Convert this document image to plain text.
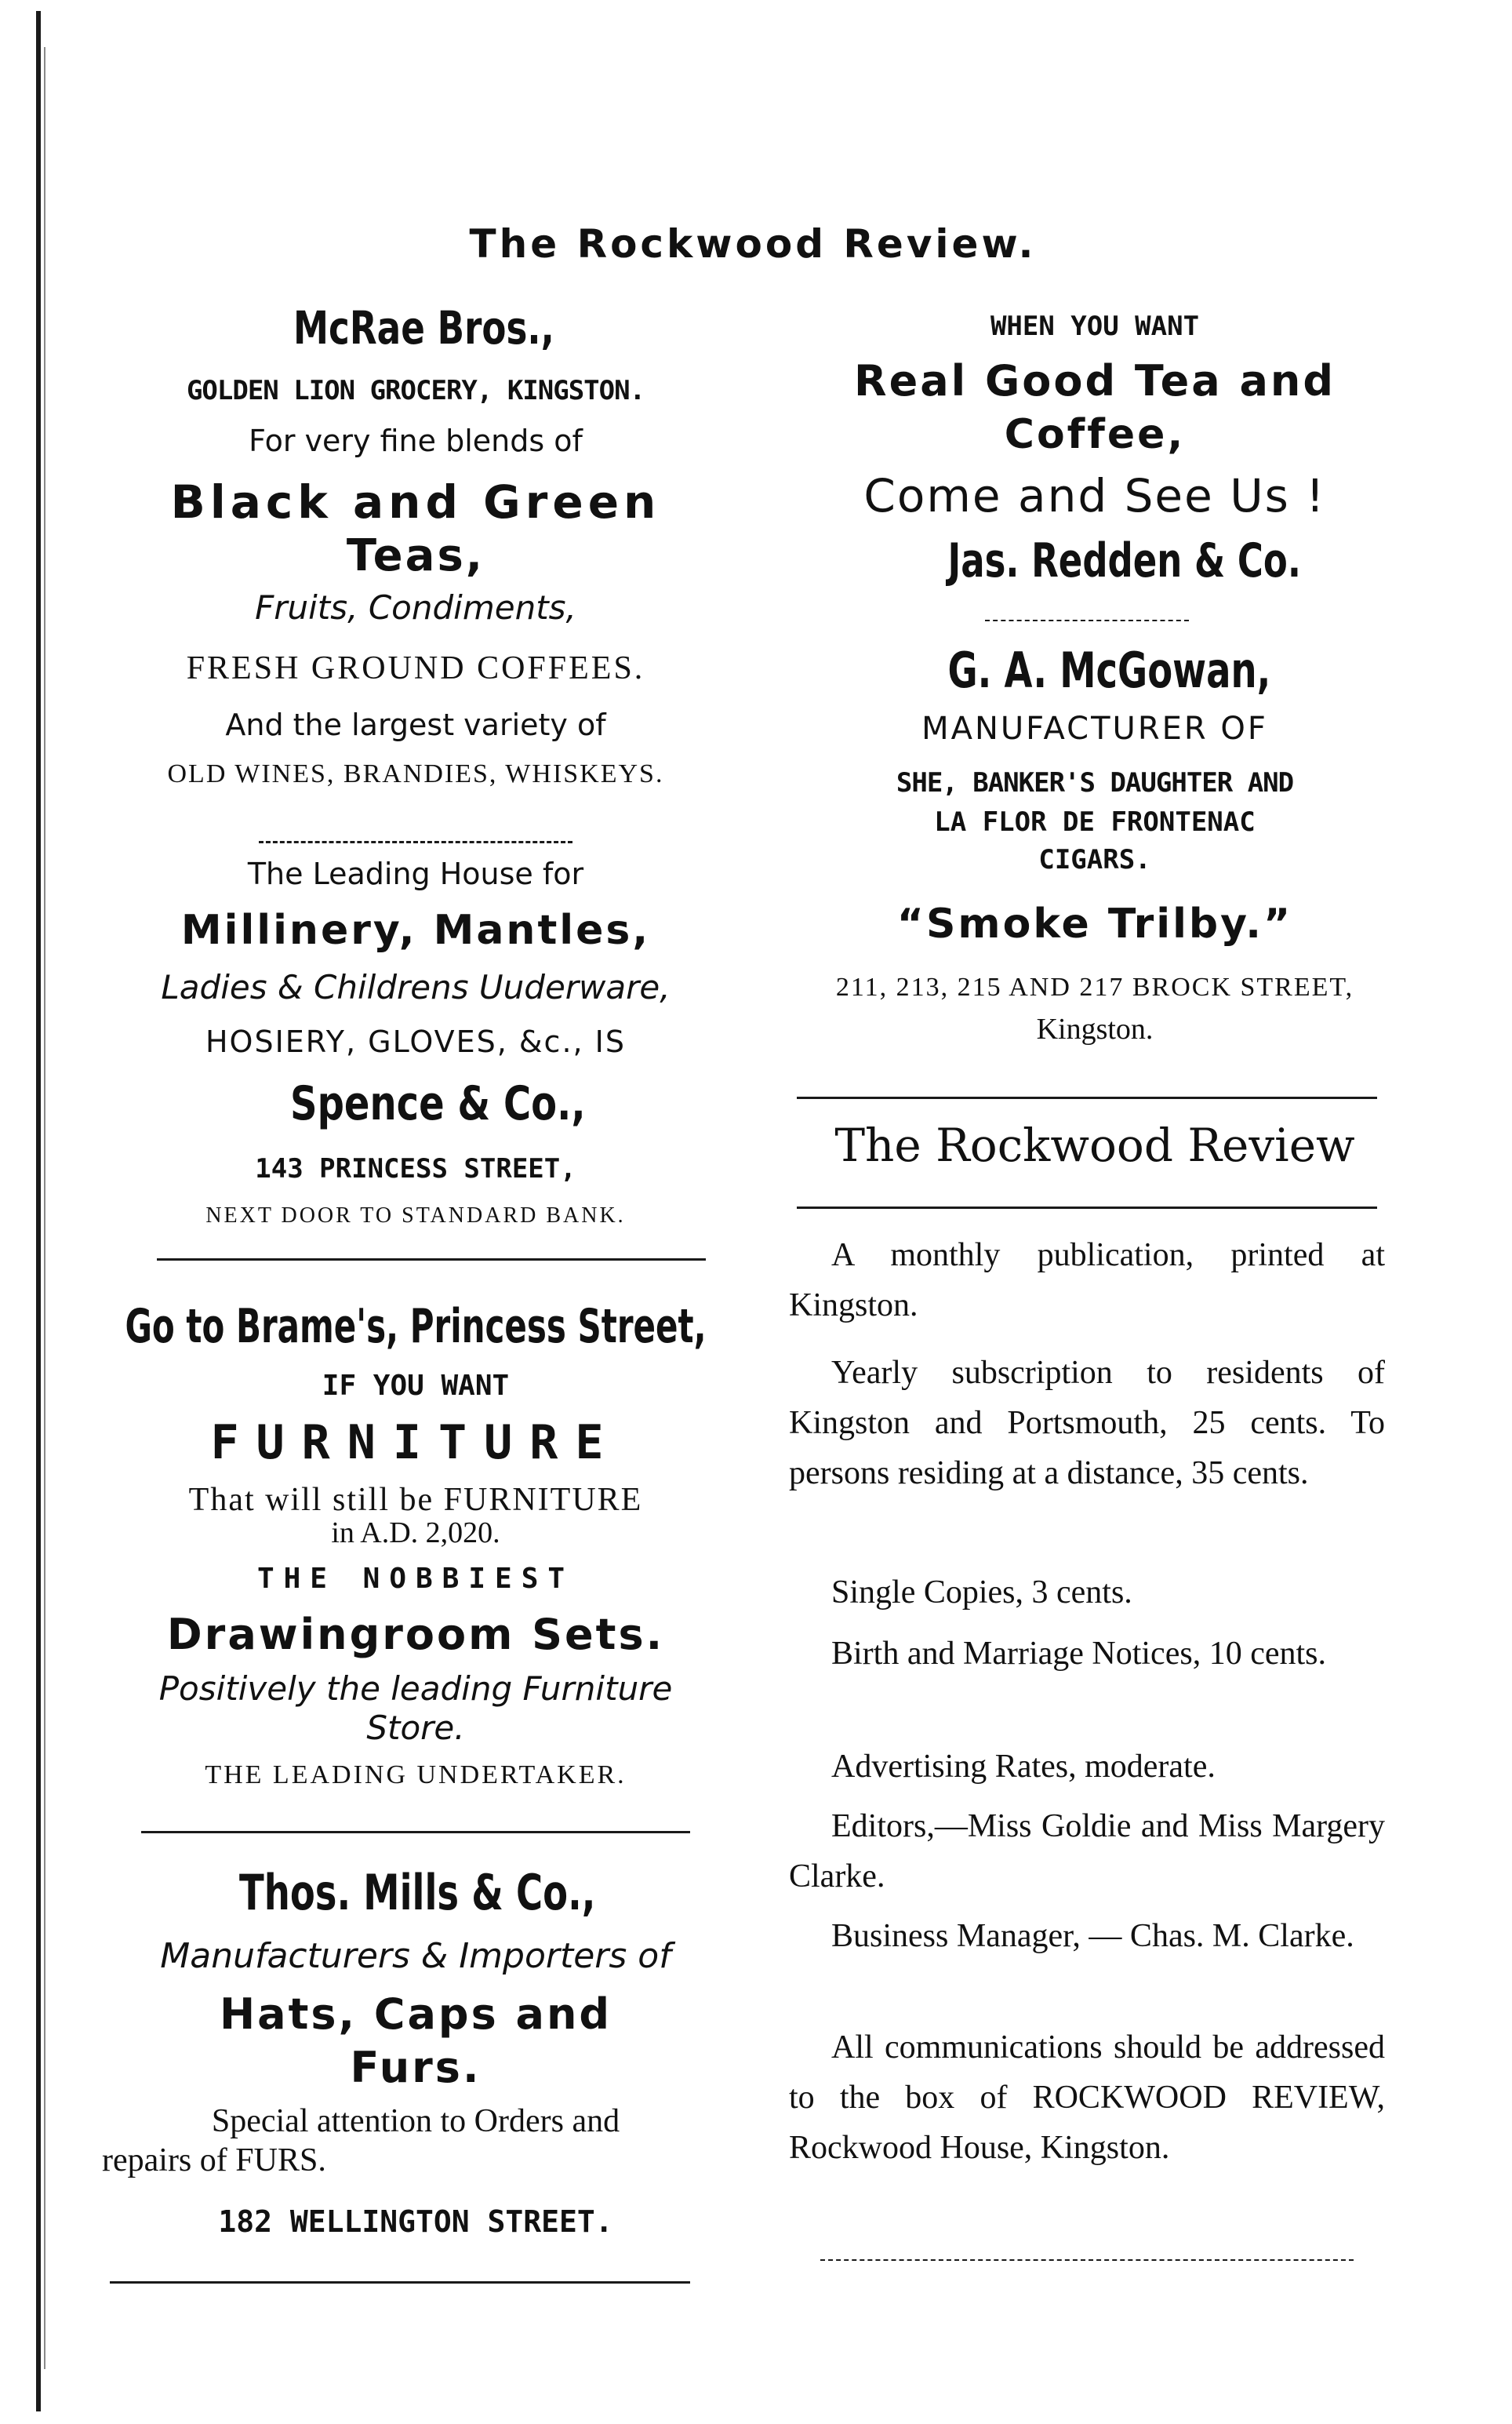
The Rockwood Review.
McRae Bros.,
GOLDEN LION GROCERY, KINGSTON.
For very fine blends of
Black and Green
Teas,
Fruits, Condiments,
FRESH GROUND COFFEES.
And the largest variety of
OLD WINES, BRANDIES, WHISKEYS.
The Leading House for
Millinery, Mantles,
Ladies & Childrens Uuderware,
HOSIERY, GLOVES, &c., IS
Spence & Co.,
143 PRINCESS STREET,
NEXT DOOR TO STANDARD BANK.
Go to Brame's, Princess Street,
IF YOU WANT
FURNITURE
That will still be FURNITURE
in A.D. 2,020.
THE NOBBIEST
Drawingroom Sets.
Positively the leading Furniture
Store.
THE LEADING UNDERTAKER.
Thos. Mills & Co.,
Manufacturers & Importers of
Hats, Caps and
Furs.
Special attention to Orders and
repairs of FURS.
182 WELLINGTON STREET.
WHEN YOU WANT
Real Good Tea and
Coffee,
Come and See Us !
Jas. Redden & Co.
G. A. McGowan,
MANUFACTURER OF
SHE, BANKER'S DAUGHTER AND
LA FLOR DE FRONTENAC
CIGARS.
“Smoke Trilby.”
211, 213, 215 AND 217 BROCK STREET,
Kingston.
The Rockwood Review
A monthly publication, printed at Kingston.
Yearly subscription to residents of Kingston and Portsmouth, 25 cents. To persons residing at a distance, 35 cents.
Single Copies, 3 cents.
Birth and Marriage Notices, 10 cents.
Advertising Rates, moderate.
Editors,—Miss Goldie and Miss Margery Clarke.
Business Manager, — Chas. M. Clarke.
All communications should be addressed to the box of ROCKWOOD REVIEW, Rockwood House, Kingston.
